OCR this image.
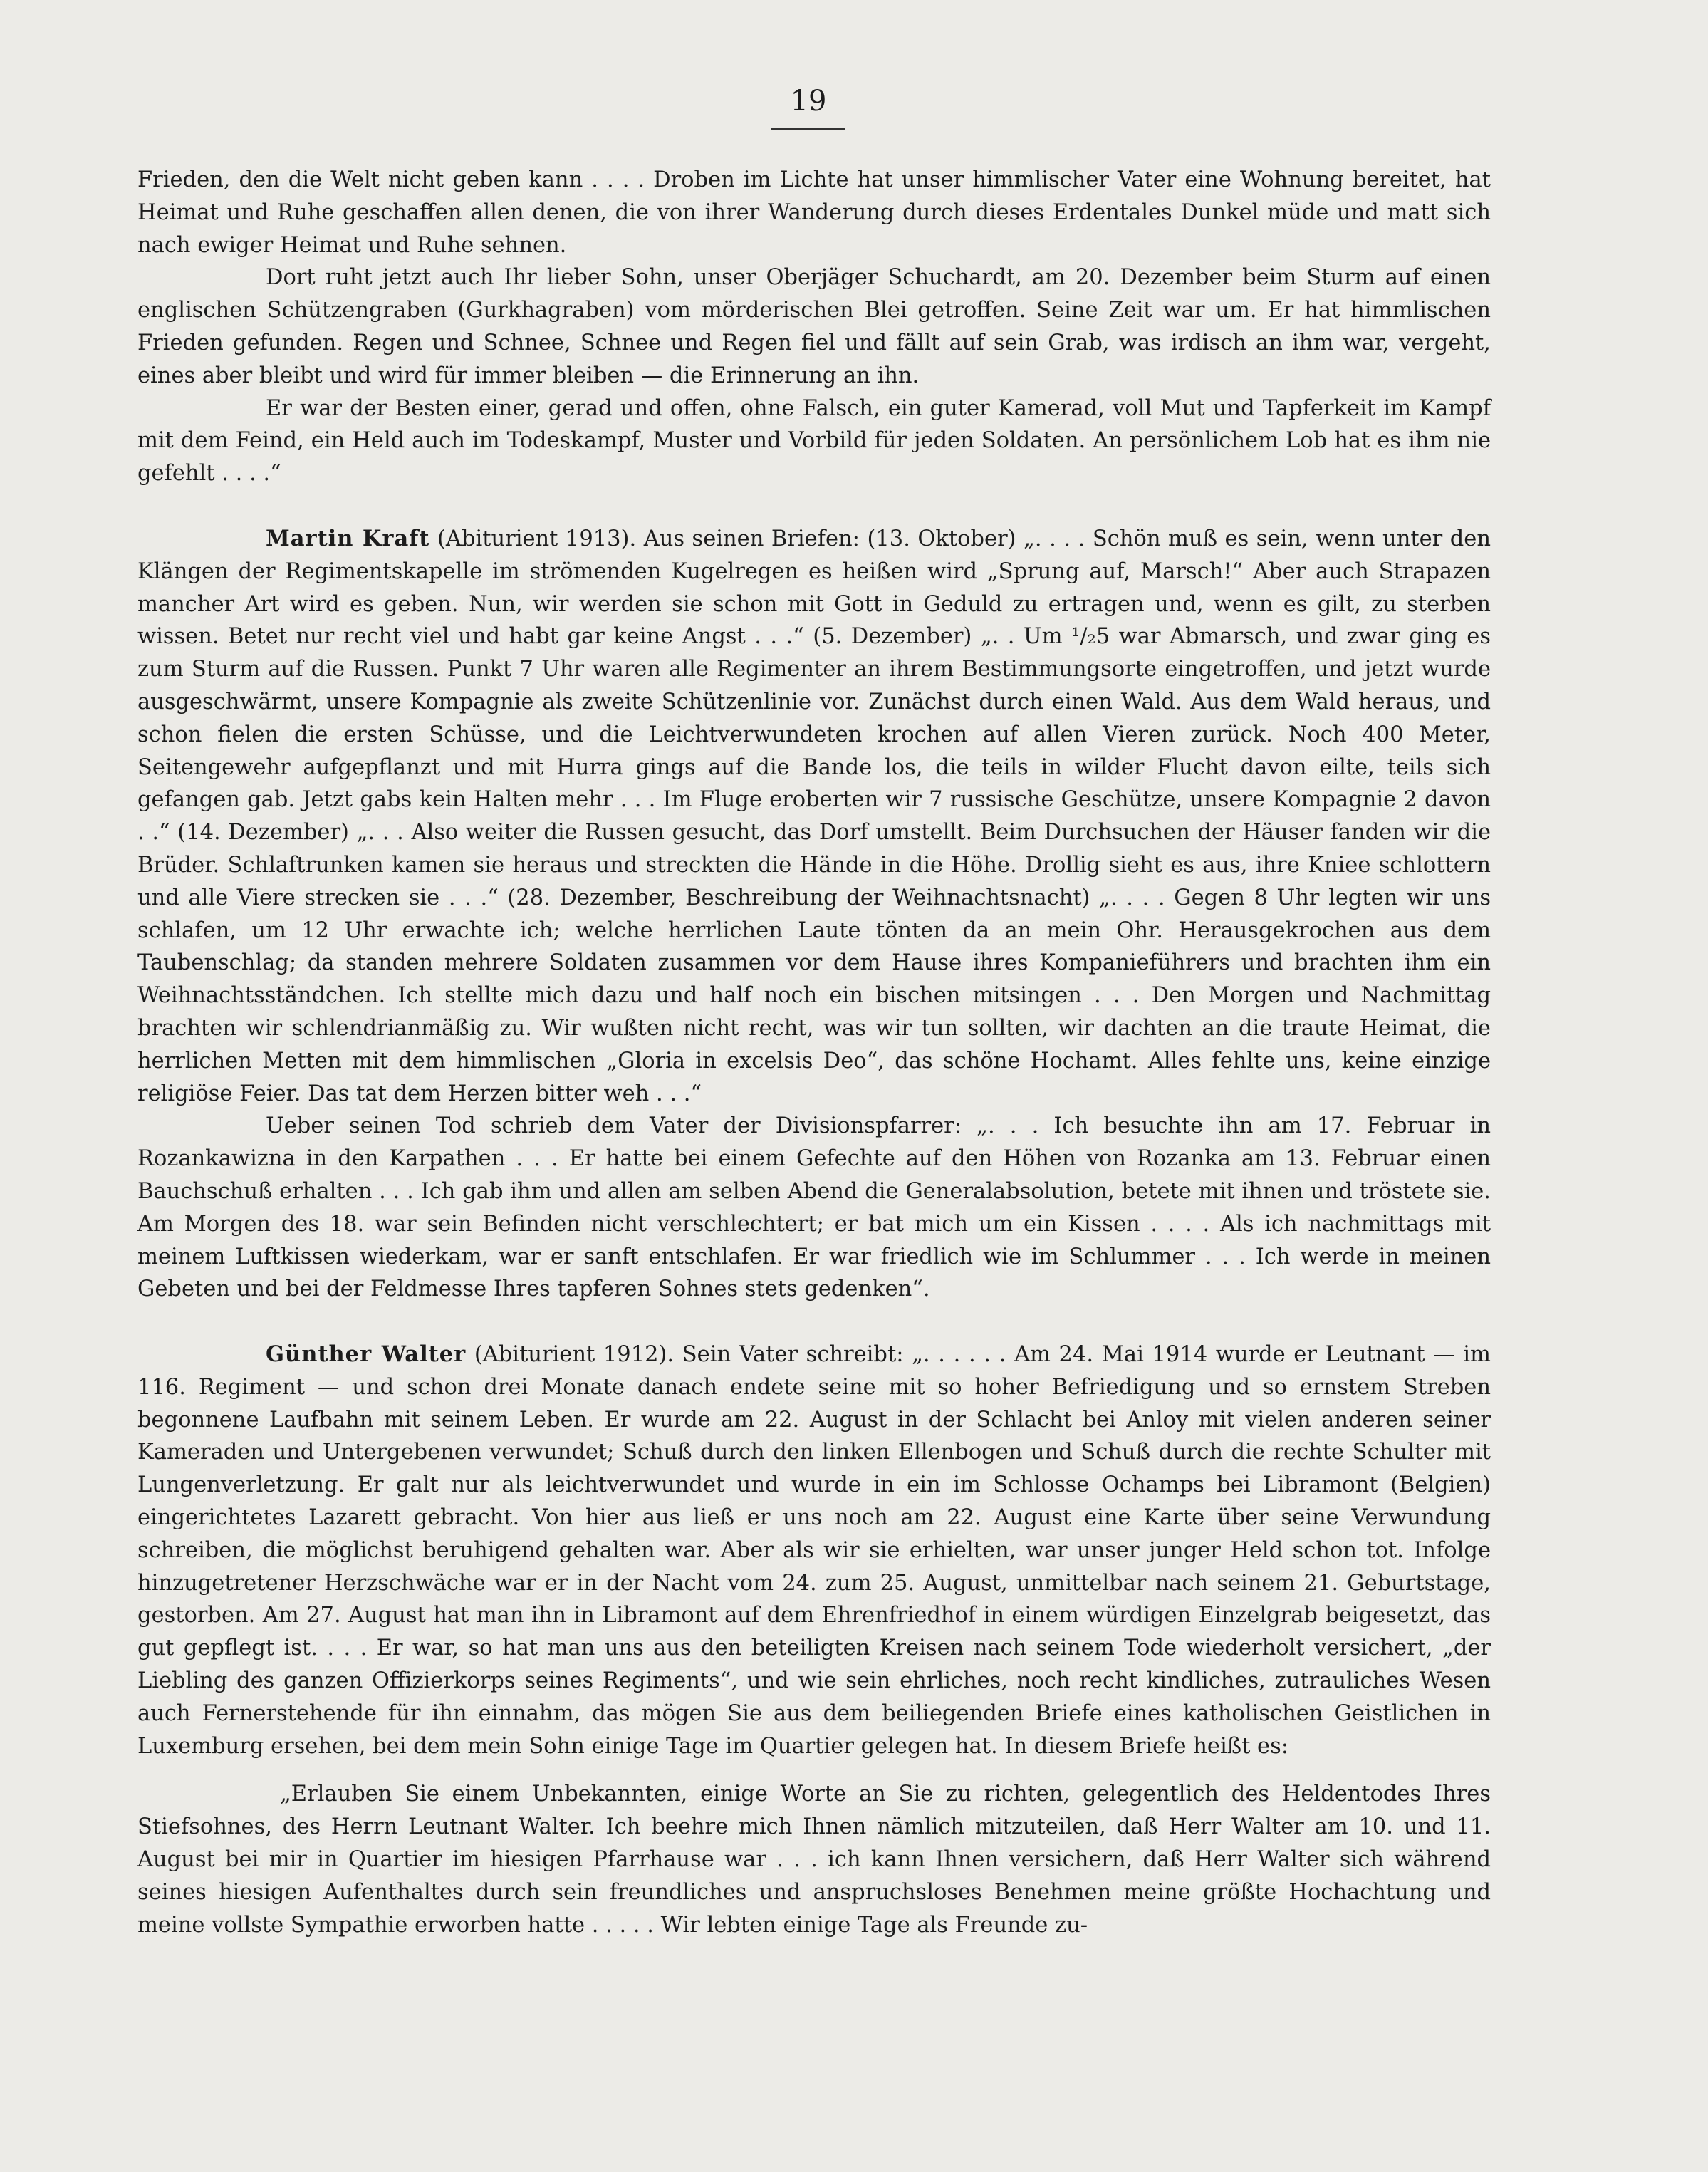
19

Frieden, den die Welt nicht geben kann . . . . Droben im Lichte hat unser himmlischer Vater eine Wohnung bereitet, hat Heimat und Ruhe geschaffen allen denen, die von ihrer Wanderung durch dieses Erdentales Dunkel müde und matt sich nach ewiger Heimat und Ruhe sehnen.

Dort ruht jetzt auch Ihr lieber Sohn, unser Oberjäger Schuchardt, am 20. Dezember beim Sturm auf einen englischen Schützengraben (Gurkhagraben) vom mörderischen Blei getroffen. Seine Zeit war um. Er hat himmlischen Frieden gefunden. Regen und Schnee, Schnee und Regen fiel und fällt auf sein Grab, was irdisch an ihm war, vergeht, eines aber bleibt und wird für immer bleiben — die Erinnerung an ihn.

Er war der Besten einer, gerad und offen, ohne Falsch, ein guter Kamerad, voll Mut und Tapferkeit im Kampf mit dem Feind, ein Held auch im Todeskampf, Muster und Vorbild für jeden Soldaten. An persönlichem Lob hat es ihm nie gefehlt . . . .“

Martin Kraft (Abiturient 1913). Aus seinen Briefen: (13. Oktober) „. . . . Schön muß es sein, wenn unter den Klängen der Regimentskapelle im strömenden Kugelregen es heißen wird „Sprung auf, Marsch!“ Aber auch Strapazen mancher Art wird es geben. Nun, wir werden sie schon mit Gott in Geduld zu ertragen und, wenn es gilt, zu sterben wissen. Betet nur recht viel und habt gar keine Angst . . .“ (5. Dezember) „. . Um ¹/₂5 war Abmarsch, und zwar ging es zum Sturm auf die Russen. Punkt 7 Uhr waren alle Regimenter an ihrem Bestimmungsorte eingetroffen, und jetzt wurde ausgeschwärmt, unsere Kompagnie als zweite Schützenlinie vor. Zunächst durch einen Wald. Aus dem Wald heraus, und schon fielen die ersten Schüsse, und die Leichtverwundeten krochen auf allen Vieren zurück. Noch 400 Meter, Seitengewehr aufgepflanzt und mit Hurra gings auf die Bande los, die teils in wilder Flucht davon eilte, teils sich gefangen gab. Jetzt gabs kein Halten mehr . . . Im Fluge eroberten wir 7 russische Geschütze, unsere Kompagnie 2 davon . .“ (14. Dezember) „. . . Also weiter die Russen gesucht, das Dorf umstellt. Beim Durchsuchen der Häuser fanden wir die Brüder. Schlaftrunken kamen sie heraus und streckten die Hände in die Höhe. Drollig sieht es aus, ihre Kniee schlottern und alle Viere strecken sie . . .“ (28. Dezember, Beschreibung der Weihnachtsnacht) „. . . . Gegen 8 Uhr legten wir uns schlafen, um 12 Uhr erwachte ich; welche herrlichen Laute tönten da an mein Ohr. Herausgekrochen aus dem Taubenschlag; da standen mehrere Soldaten zusammen vor dem Hause ihres Kompanieführers und brachten ihm ein Weihnachtsständchen. Ich stellte mich dazu und half noch ein bischen mitsingen . . . Den Morgen und Nachmittag brachten wir schlendrianmäßig zu. Wir wußten nicht recht, was wir tun sollten, wir dachten an die traute Heimat, die herrlichen Metten mit dem himmlischen „Gloria in excelsis Deo“, das schöne Hochamt. Alles fehlte uns, keine einzige religiöse Feier. Das tat dem Herzen bitter weh . . .“

Ueber seinen Tod schrieb dem Vater der Divisionspfarrer: „. . . Ich besuchte ihn am 17. Februar in Rozankawizna in den Karpathen . . . Er hatte bei einem Gefechte auf den Höhen von Rozanka am 13. Februar einen Bauchschuß erhalten . . . Ich gab ihm und allen am selben Abend die Generalabsolution, betete mit ihnen und tröstete sie. Am Morgen des 18. war sein Befinden nicht verschlechtert; er bat mich um ein Kissen . . . . Als ich nachmittags mit meinem Luftkissen wiederkam, war er sanft entschlafen. Er war friedlich wie im Schlummer . . . Ich werde in meinen Gebeten und bei der Feldmesse Ihres tapferen Sohnes stets gedenken“.

Günther Walter (Abiturient 1912). Sein Vater schreibt: „. . . . . . Am 24. Mai 1914 wurde er Leutnant — im 116. Regiment — und schon drei Monate danach endete seine mit so hoher Befriedigung und so ernstem Streben begonnene Laufbahn mit seinem Leben. Er wurde am 22. August in der Schlacht bei Anloy mit vielen anderen seiner Kameraden und Untergebenen verwundet; Schuß durch den linken Ellenbogen und Schuß durch die rechte Schulter mit Lungenverletzung. Er galt nur als leichtverwundet und wurde in ein im Schlosse Ochamps bei Libramont (Belgien) eingerichtetes Lazarett gebracht. Von hier aus ließ er uns noch am 22. August eine Karte über seine Verwundung schreiben, die möglichst beruhigend gehalten war. Aber als wir sie erhielten, war unser junger Held schon tot. Infolge hinzugetretener Herzschwäche war er in der Nacht vom 24. zum 25. August, unmittelbar nach seinem 21. Geburtstage, gestorben. Am 27. August hat man ihn in Libramont auf dem Ehrenfriedhof in einem würdigen Einzelgrab beigesetzt, das gut gepflegt ist. . . . Er war, so hat man uns aus den beteiligten Kreisen nach seinem Tode wiederholt versichert, „der Liebling des ganzen Offizierkorps seines Regiments“, und wie sein ehrliches, noch recht kindliches, zutrauliches Wesen auch Fernerstehende für ihn einnahm, das mögen Sie aus dem beiliegenden Briefe eines katholischen Geistlichen in Luxemburg ersehen, bei dem mein Sohn einige Tage im Quartier gelegen hat. In diesem Briefe heißt es:

„Erlauben Sie einem Unbekannten, einige Worte an Sie zu richten, gelegentlich des Heldentodes Ihres Stiefsohnes, des Herrn Leutnant Walter. Ich beehre mich Ihnen nämlich mitzuteilen, daß Herr Walter am 10. und 11. August bei mir in Quartier im hiesigen Pfarrhause war . . . ich kann Ihnen versichern, daß Herr Walter sich während seines hiesigen Aufenthaltes durch sein freundliches und anspruchsloses Benehmen meine größte Hochachtung und meine vollste Sympathie erworben hatte . . . . . Wir lebten einige Tage als Freunde zu-
